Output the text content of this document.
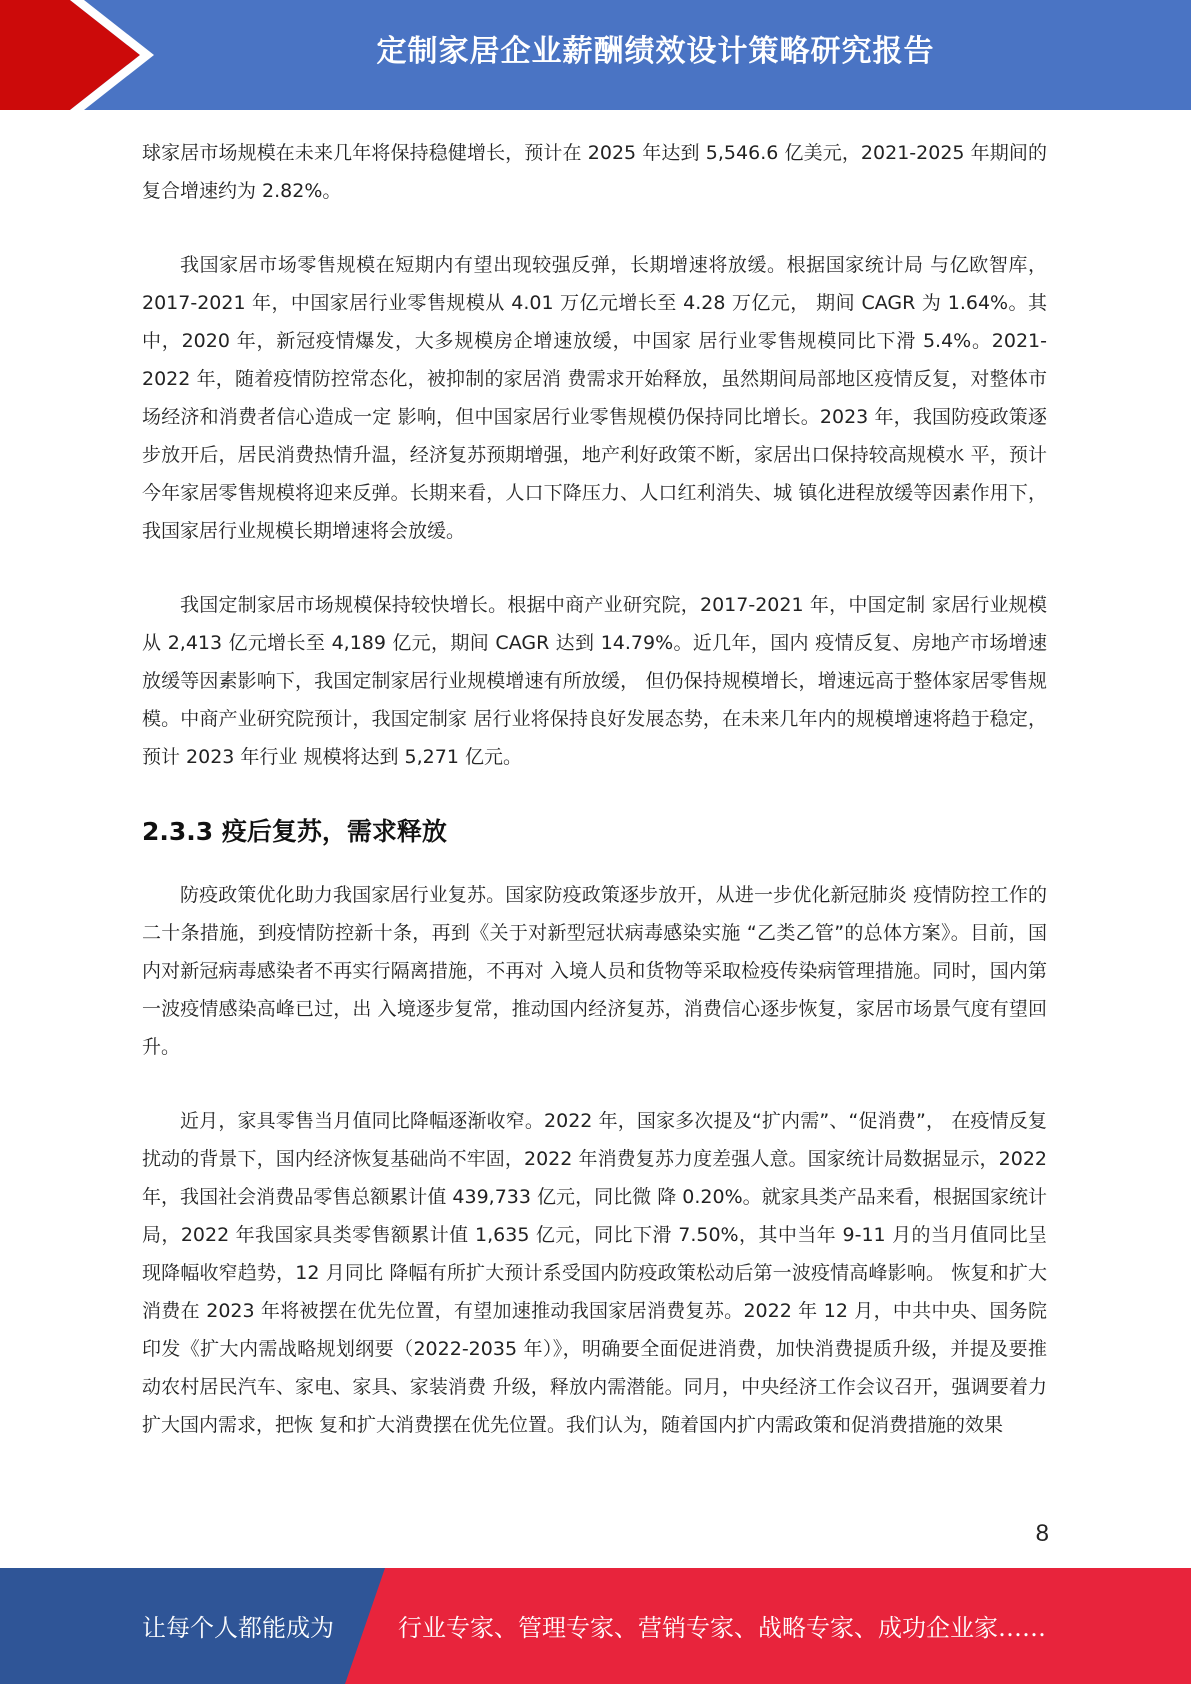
定制家居企业薪酬绩效设计策略研究报告

球家居市场规模在未来几年将保持稳健增长，预计在 2025 年达到 5,546.6 亿美元，2021-2025 年期间的复合增速约为 2.82%。

我国家居市场零售规模在短期内有望出现较强反弹，长期增速将放缓。根据国家统计局 与亿欧智库，2017-2021 年，中国家居行业零售规模从 4.01 万亿元增长至 4.28 万亿元， 期间 CAGR 为 1.64%。其中，2020 年，新冠疫情爆发，大多规模房企增速放缓，中国家 居行业零售规模同比下滑 5.4%。2021-2022 年，随着疫情防控常态化，被抑制的家居消 费需求开始释放，虽然期间局部地区疫情反复，对整体市场经济和消费者信心造成一定 影响，但中国家居行业零售规模仍保持同比增长。2023 年，我国防疫政策逐步放开后，居民消费热情升温，经济复苏预期增强，地产利好政策不断，家居出口保持较高规模水 平，预计今年家居零售规模将迎来反弹。长期来看，人口下降压力、人口红利消失、城 镇化进程放缓等因素作用下，我国家居行业规模长期增速将会放缓。

我国定制家居市场规模保持较快增长。根据中商产业研究院，2017-2021 年，中国定制 家居行业规模从 2,413 亿元增长至 4,189 亿元，期间 CAGR 达到 14.79%。近几年，国内 疫情反复、房地产市场增速放缓等因素影响下，我国定制家居行业规模增速有所放缓， 但仍保持规模增长，增速远高于整体家居零售规模。中商产业研究院预计，我国定制家 居行业将保持良好发展态势，在未来几年内的规模增速将趋于稳定，预计 2023 年行业 规模将达到 5,271 亿元。

2.3.3 疫后复苏，需求释放

防疫政策优化助力我国家居行业复苏。国家防疫政策逐步放开，从进一步优化新冠肺炎 疫情防控工作的二十条措施，到疫情防控新十条，再到《关于对新型冠状病毒感染实施 “乙类乙管”的总体方案》。目前，国内对新冠病毒感染者不再实行隔离措施，不再对 入境人员和货物等采取检疫传染病管理措施。同时，国内第一波疫情感染高峰已过，出 入境逐步复常，推动国内经济复苏，消费信心逐步恢复，家居市场景气度有望回升。

近月，家具零售当月值同比降幅逐渐收窄。2022 年，国家多次提及“扩内需”、“促消费”， 在疫情反复扰动的背景下，国内经济恢复基础尚不牢固，2022 年消费复苏力度差强人意。国家统计局数据显示，2022 年，我国社会消费品零售总额累计值 439,733 亿元，同比微 降 0.20%。就家具类产品来看，根据国家统计局，2022 年我国家具类零售额累计值 1,635 亿元，同比下滑 7.50%，其中当年 9-11 月的当月值同比呈现降幅收窄趋势，12 月同比 降幅有所扩大预计系受国内防疫政策松动后第一波疫情高峰影响。 恢复和扩大消费在 2023 年将被摆在优先位置，有望加速推动我国家居消费复苏。2022 年 12 月，中共中央、国务院印发《扩大内需战略规划纲要（2022-2035 年）》，明确要全面促进消费，加快消费提质升级，并提及要推动农村居民汽车、家电、家具、家装消费 升级，释放内需潜能。同月，中央经济工作会议召开，强调要着力扩大国内需求，把恢 复和扩大消费摆在优先位置。我们认为，随着国内扩内需政策和促消费措施的效果

8
让每个人都能成为	行业专家、管理专家、营销专家、战略专家、成功企业家……
